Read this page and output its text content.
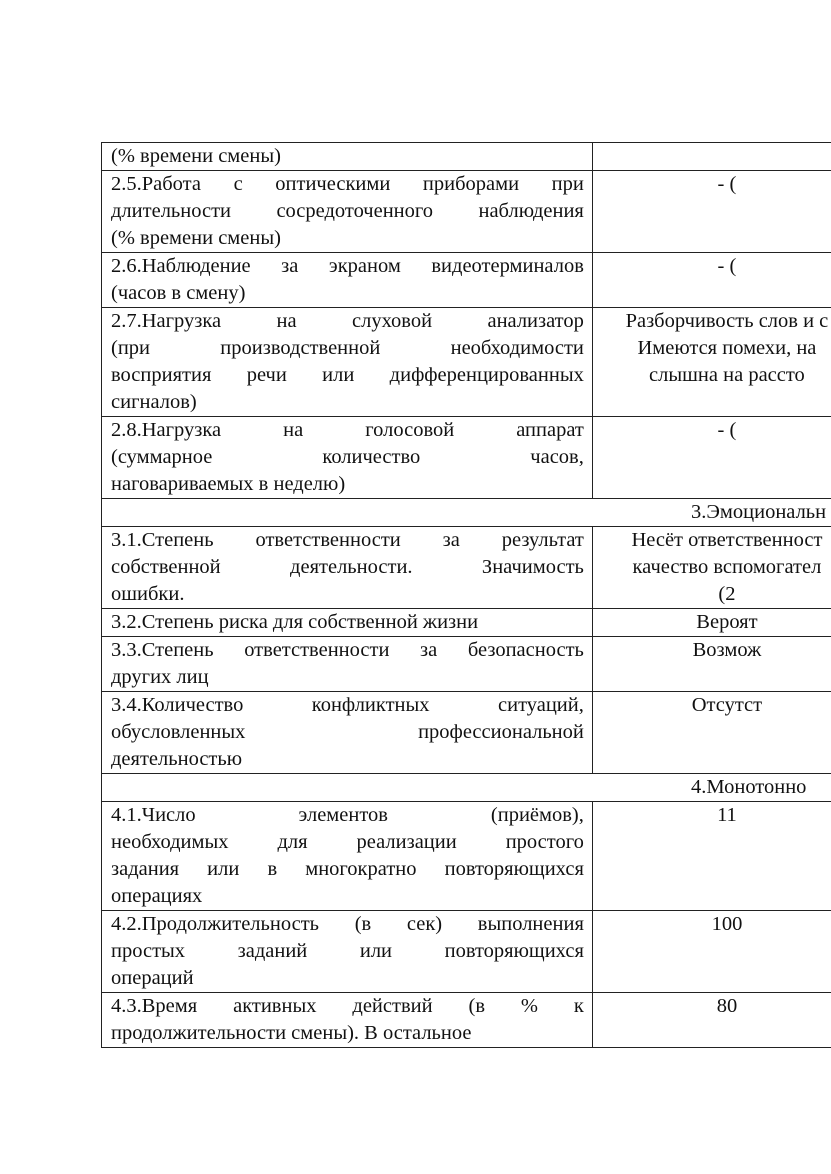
(% времени смены)	

2.5.Работа с оптическими приборами при
длительности сосредоточенного наблюдения
(% времени смены)	- (

2.6.Наблюдение за экраном видеотерминалов
(часов в смену)	- (

2.7.Нагрузка на слуховой анализатор
(при производственной необходимости
восприятия речи или дифференцированных
сигналов)	Разборчивость слов и с
Имеются помехи, на
слышна на рассто

2.8.Нагрузка на голосовой аппарат
(суммарное количество часов,
наговариваемых в неделю)	- (

3.Эмоциональн	

3.1.Степень ответственности за результат
собственной деятельности. Значимость
ошибки.	Несёт ответственност
качество вспомогател
(2

3.2.Степень риска для собственной жизни	Вероят

3.3.Степень ответственности за безопасность
других лиц	Возмож

3.4.Количество конфликтных ситуаций,
обусловленных профессиональной
деятельностью	Отсутст

4.Монотонно	

4.1.Число элементов (приёмов),
необходимых для реализации простого
задания или в многократно повторяющихся
операциях	11

4.2.Продолжительность (в сек) выполнения
простых заданий или повторяющихся
операций	100

4.3.Время активных действий (в % к
продолжительности смены). В остальное	80
